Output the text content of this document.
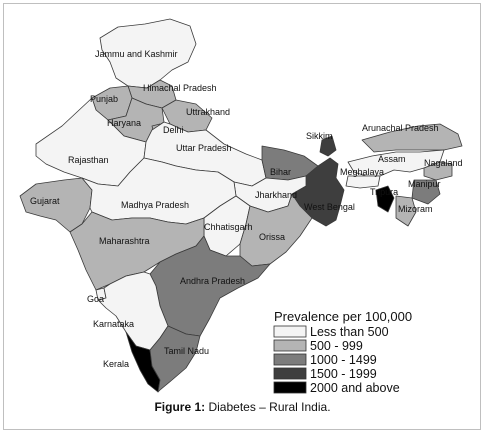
Jammu and Kashmir
Himachal Pradesh
Punjab
Uttrakhand
Haryana
Delhi
Rajasthan
Uttar Pradesh
Bihar
Sikkim
Arunachal Pradesh
Assam Nagaland
Meghalaya
Manipur
Tripura
Mizoram
West Bengal
Jharkhand
Gujarat	Madhya Pradesh
Chhatisgarh
Orissa
Maharashtra
Andhra Pradesh
Goa
Karnataka
Kerala
Tamil Nadu
Prevalence per 100,000
Less than 500
500 - 999
1000 - 1499
1500 - 1999
2000 and above
Figure 1: Diabetes – Rural India.
